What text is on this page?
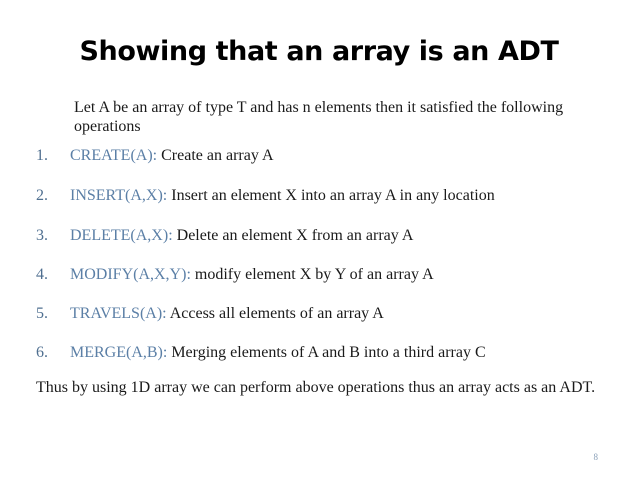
Showing that an array is an ADT
Let A be an array of type T and has n elements then it satisfied the following operations
1. CREATE(A): Create an array A
2. INSERT(A,X): Insert an element X into an array A in any location
3. DELETE(A,X): Delete an element X from an array A
4. MODIFY(A,X,Y): modify element X by Y of an array A
5. TRAVELS(A): Access all elements of an array A
6. MERGE(A,B): Merging elements of A and B into a third array C
Thus by using 1D array we can perform above operations thus an array acts as an ADT.
8
